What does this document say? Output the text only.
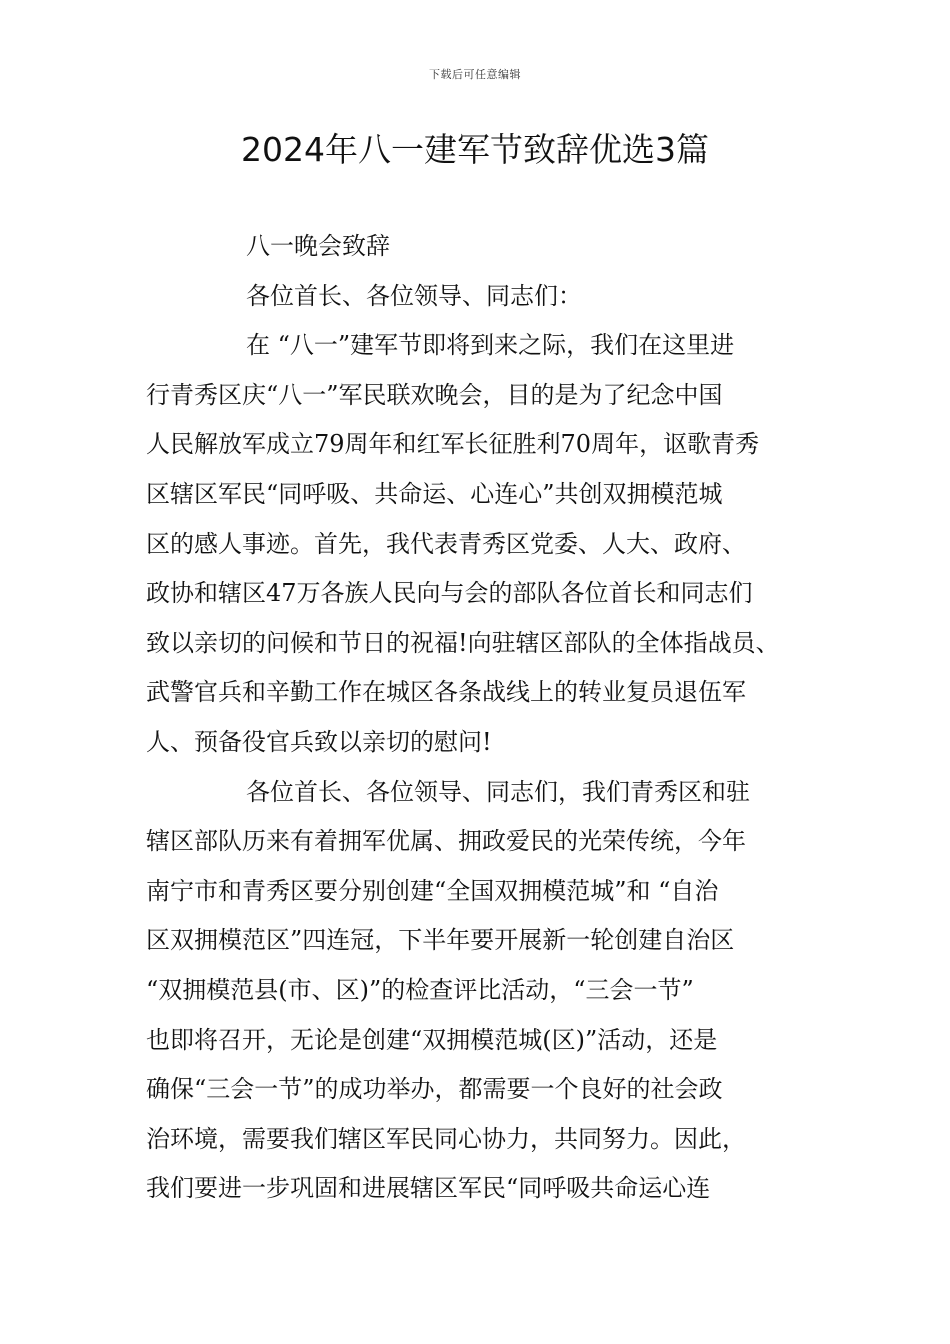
下载后可任意编辑
2024年八一建军节致辞优选3篇
八一晚会致辞
各位首长、各位领导、同志们：
在 “八一”建军节即将到来之际，我们在这里进
行青秀区庆“八一”军民联欢晚会，目的是为了纪念中国
人民解放军成立79周年和红军长征胜利70周年，讴歌青秀
区辖区军民“同呼吸、共命运、心连心”共创双拥模范城
区的感人事迹。首先，我代表青秀区党委、人大、政府、
政协和辖区47万各族人民向与会的部队各位首长和同志们
致以亲切的问候和节日的祝福!向驻辖区部队的全体指战员、
武警官兵和辛勤工作在城区各条战线上的转业复员退伍军
人、预备役官兵致以亲切的慰问!
各位首长、各位领导、同志们，我们青秀区和驻
辖区部队历来有着拥军优属、拥政爱民的光荣传统，今年
南宁市和青秀区要分别创建“全国双拥模范城”和 “自治
区双拥模范区”四连冠，下半年要开展新一轮创建自治区
“双拥模范县(市、区)”的检查评比活动，“三会一节”
也即将召开，无论是创建“双拥模范城(区)”活动，还是
确保“三会一节”的成功举办，都需要一个良好的社会政
治环境，需要我们辖区军民同心协力，共同努力。因此，
我们要进一步巩固和进展辖区军民“同呼吸共命运心连
